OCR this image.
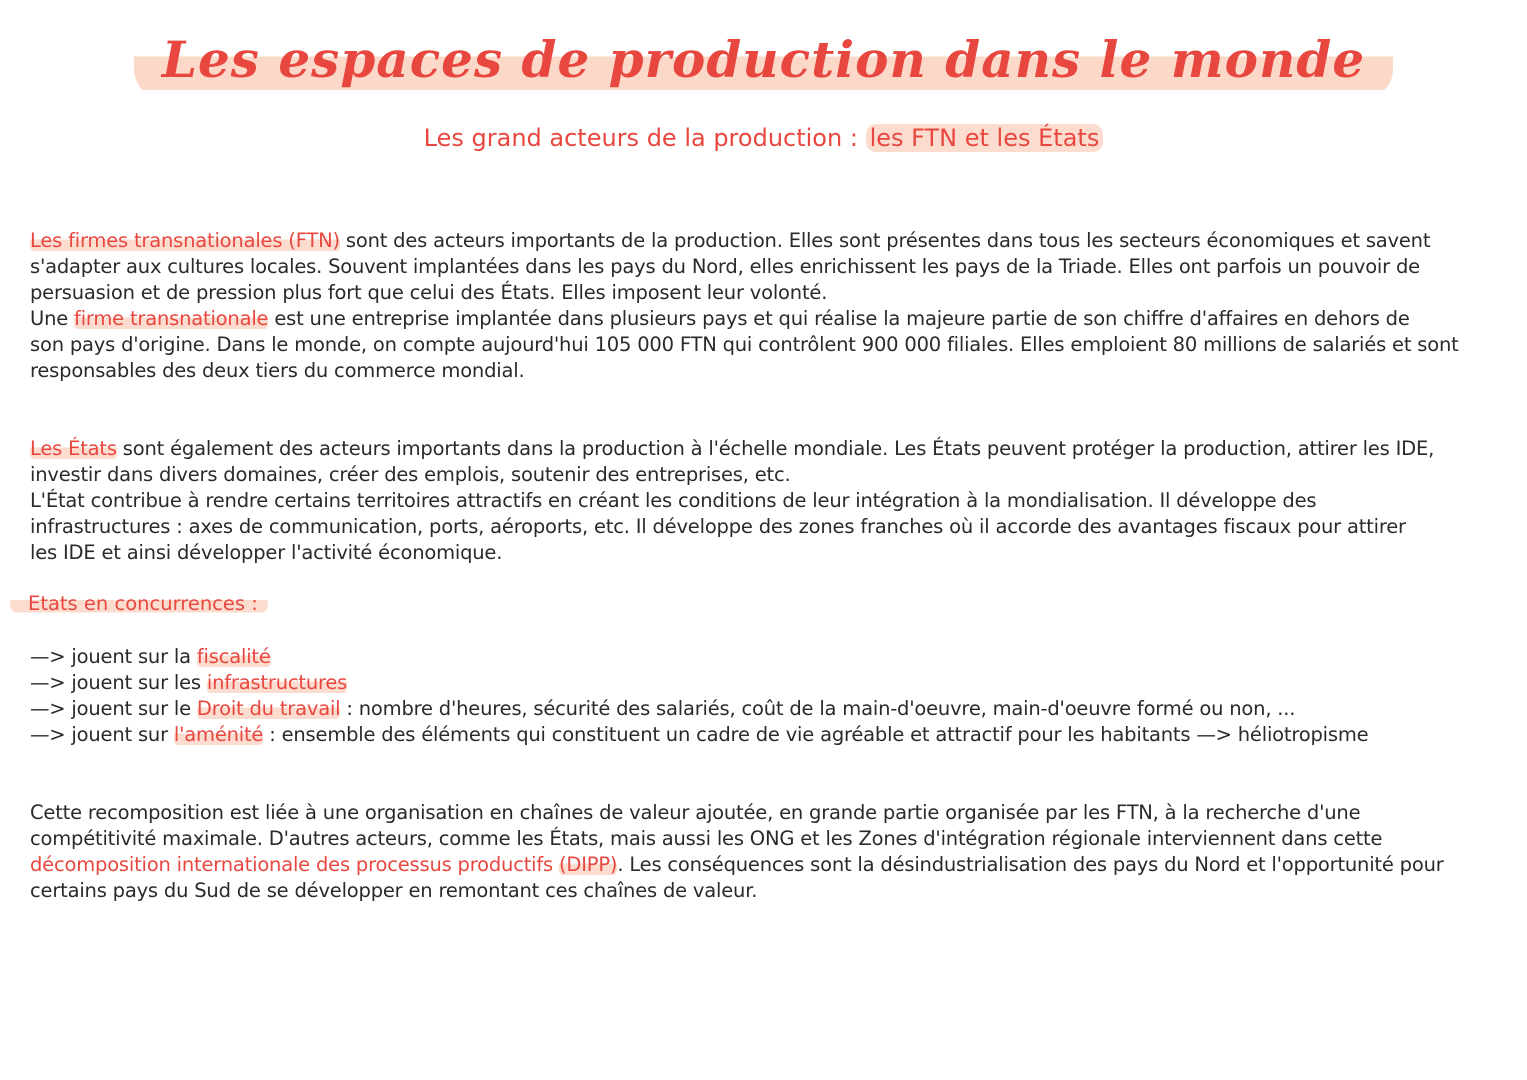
Les espaces de production dans le monde
Les grand acteurs de la production : les FTN et les États
Les firmes transnationales (FTN) sont des acteurs importants de la production. Elles sont présentes dans tous les secteurs économiques et savent
s'adapter aux cultures locales. Souvent implantées dans les pays du Nord, elles enrichissent les pays de la Triade. Elles ont parfois un pouvoir de
persuasion et de pression plus fort que celui des États. Elles imposent leur volonté.
Une firme transnationale est une entreprise implantée dans plusieurs pays et qui réalise la majeure partie de son chiffre d'affaires en dehors de
son pays d'origine. Dans le monde, on compte aujourd'hui 105 000 FTN qui contrôlent 900 000 filiales. Elles emploient 80 millions de salariés et sont
responsables des deux tiers du commerce mondial.
Les États sont également des acteurs importants dans la production à l'échelle mondiale. Les États peuvent protéger la production, attirer les IDE,
investir dans divers domaines, créer des emplois, soutenir des entreprises, etc.
L'État contribue à rendre certains territoires attractifs en créant les conditions de leur intégration à la mondialisation. Il développe des
infrastructures : axes de communication, ports, aéroports, etc. Il développe des zones franches où il accorde des avantages fiscaux pour attirer
les IDE et ainsi développer l'activité économique.
Etats en concurrences :
—> jouent sur la fiscalité
—> jouent sur les infrastructures
—> jouent sur le Droit du travail : nombre d'heures, sécurité des salariés, coût de la main-d'oeuvre, main-d'oeuvre formé ou non, ...
—> jouent sur l'aménité : ensemble des éléments qui constituent un cadre de vie agréable et attractif pour les habitants —> héliotropisme
Cette recomposition est liée à une organisation en chaînes de valeur ajoutée, en grande partie organisée par les FTN, à la recherche d'une
compétitivité maximale. D'autres acteurs, comme les États, mais aussi les ONG et les Zones d'intégration régionale interviennent dans cette
décomposition internationale des processus productifs (DIPP). Les conséquences sont la désindustrialisation des pays du Nord et l'opportunité pour
certains pays du Sud de se développer en remontant ces chaînes de valeur.
